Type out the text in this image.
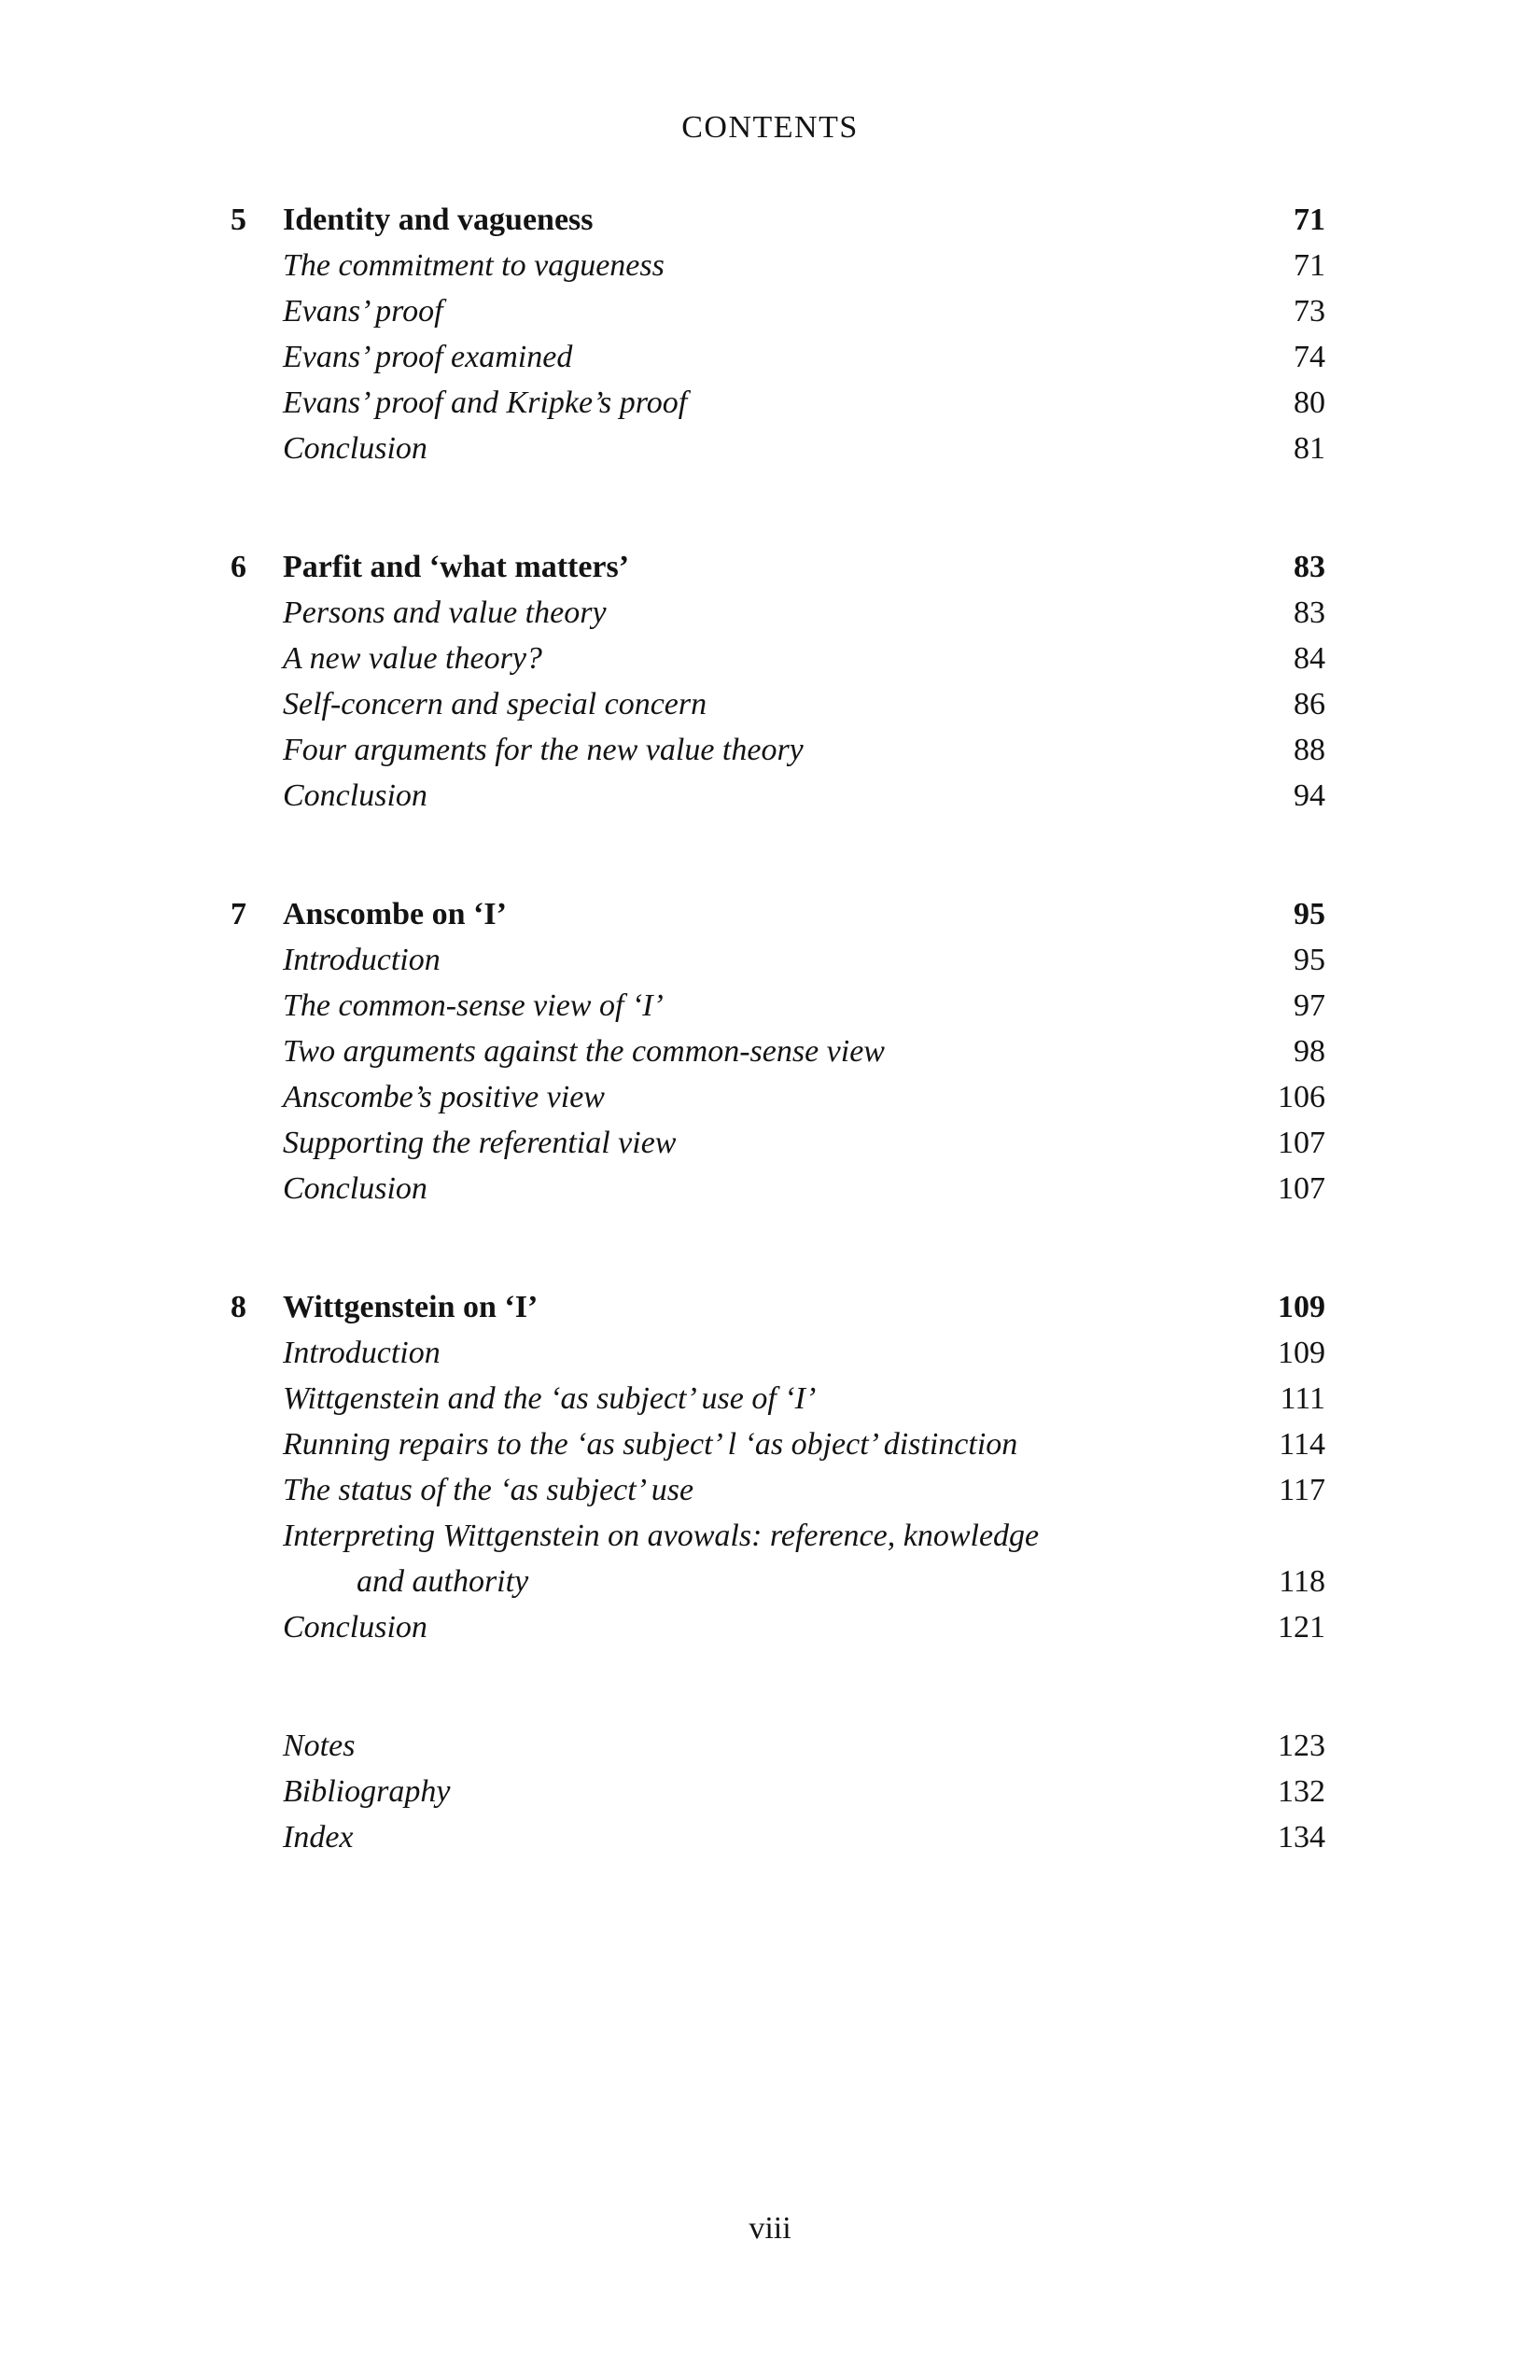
CONTENTS
5	Identity and vagueness	71
The commitment to vagueness	71
Evans’ proof	73
Evans’ proof examined	74
Evans’ proof and Kripke’s proof	80
Conclusion	81
6	Parfit and ‘what matters’	83
Persons and value theory	83
A new value theory?	84
Self-concern and special concern	86
Four arguments for the new value theory	88
Conclusion	94
7	Anscombe on ‘I’	95
Introduction	95
The common-sense view of ‘I’	97
Two arguments against the common-sense view	98
Anscombe’s positive view	106
Supporting the referential view	107
Conclusion	107
8	Wittgenstein on ‘I’	109
Introduction	109
Wittgenstein and the ‘as subject’ use of ‘I’	111
Running repairs to the ‘as subject’ l ‘as object’ distinction	114
The status of the ‘as subject’ use	117
Interpreting Wittgenstein on avowals: reference, knowledge
and authority	118
Conclusion	121
Notes	123
Bibliography	132
Index	134
viii
